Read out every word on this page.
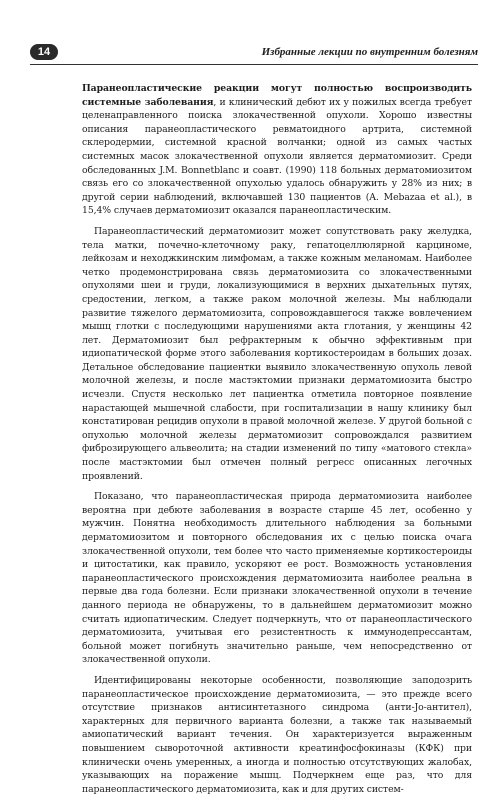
14	Избранные лекции по внутренним болезням

Паранеопластические реакции могут полностью воспроизводить системные заболевания, и клинический дебют их у пожилых всегда требует целенаправленного поиска злокачественной опухоли. Хорошо известны описания паранеопластического ревматоидного артрита, системной склеродермии, системной красной волчанки; одной из самых частых системных масок злокачественной опухоли является дерматомиозит. Среди обследованных J.M. Bonnetblanc и соавт. (1990) 118 больных дерматомиозитом связь его со злокачественной опухолью удалось обнаружить у 28% из них; в другой серии наблюдений, включавшей 130 пациентов (A. Mebazaa et al.), в 15,4% случаев дерматомиозит оказался паранеопластическим.

Паранеопластический дерматомиозит может сопутствовать раку желудка, тела матки, почечно-клеточному раку, гепатоцеллюлярной карциноме, лейкозам и неходжкинским лимфомам, а также кожным меланомам. Наиболее четко продемонстрирована связь дерматомиозита со злокачественными опухолями шеи и груди, локализующимися в верхних дыхательных путях, средостении, легком, а также раком молочной железы. Мы наблюдали развитие тяжелого дерматомиозита, сопровождавшегося также вовлечением мышц глотки с последующими нарушениями акта глотания, у женщины 42 лет. Дерматомиозит был рефрактерным к обычно эффективным при идиопатической форме этого заболевания кортикостероидам в больших дозах. Детальное обследование пациентки выявило злокачественную опухоль левой молочной железы, и после мастэктомии признаки дерматомиозита быстро исчезли. Спустя несколько лет пациентка отметила повторное появление нарастающей мышечной слабости, при госпитализации в нашу клинику был констатирован рецидив опухоли в правой молочной железе. У другой больной с опухолью молочной железы дерматомиозит сопровождался развитием фиброзирующего альвеолита; на стадии изменений по типу «матового стекла» после мастэктомии был отмечен полный регресс описанных легочных проявлений.

Показано, что паранеопластическая природа дерматомиозита наиболее вероятна при дебюте заболевания в возрасте старше 45 лет, особенно у мужчин. Понятна необходимость длительного наблюдения за больными дерматомиозитом и повторного обследования их с целью поиска очага злокачественной опухоли, тем более что часто применяемые кортикостероиды и цитостатики, как правило, ускоряют ее рост. Возможность установления паранеопластического происхождения дерматомиозита наиболее реальна в первые два года болезни. Если признаки злокачественной опухоли в течение данного периода не обнаружены, то в дальнейшем дерматомиозит можно считать идиопатическим. Следует подчеркнуть, что от паранеопластического дерматомиозита, учитывая его резистентность к иммунодепрессантам, больной может погибнуть значительно раньше, чем непосредственно от злокачественной опухоли.

Идентифицированы некоторые особенности, позволяющие заподозрить паранеопластическое происхождение дерматомиозита, — это прежде всего отсутствие признаков антисинтетазного синдрома (анти-Jo-антител), характерных для первичного варианта болезни, а также так называемый амиопатический вариант течения. Он характеризуется выраженным повышением сывороточной активности креатинфосфокиназы (КФК) при клинически очень умеренных, а иногда и полностью отсутствующих жалобах, указывающих на поражение мышц. Подчеркнем еще раз, что для паранеопластического дерматомиозита, как и для других систем-
